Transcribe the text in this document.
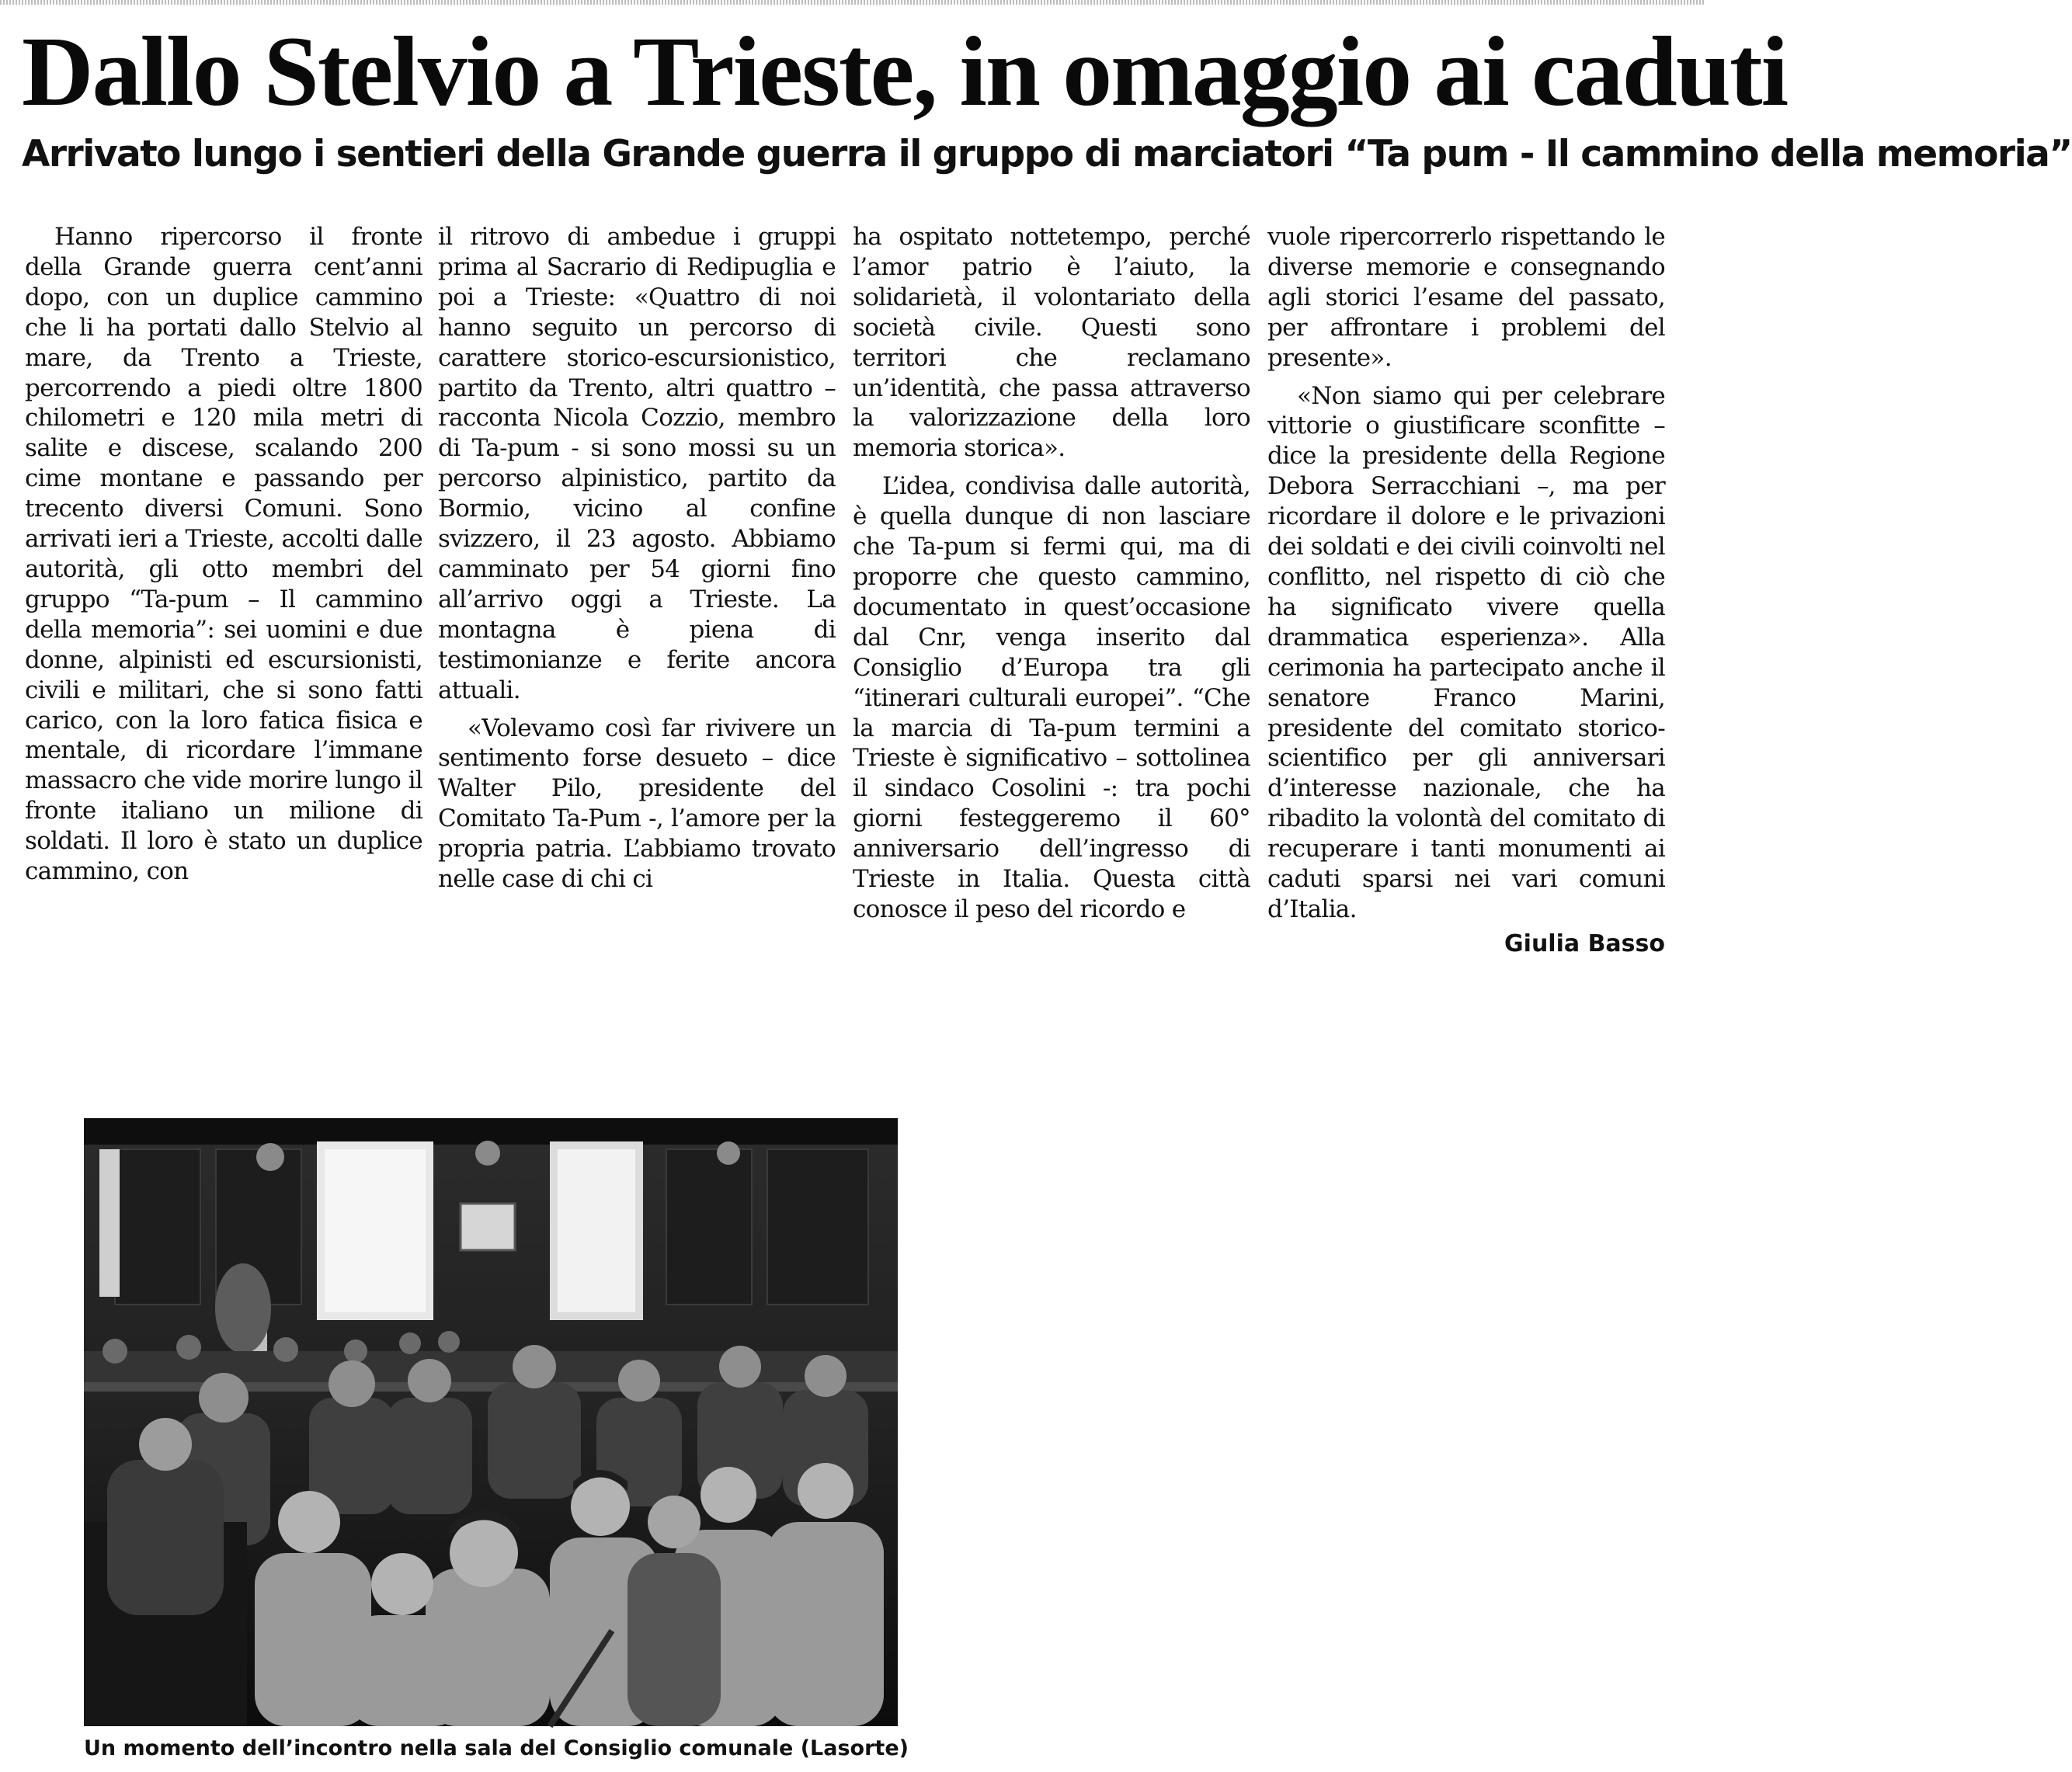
Dallo Stelvio a Trieste, in omaggio ai caduti
Arrivato lungo i sentieri della Grande guerra il gruppo di marciatori “Ta pum - Il cammino della memoria”

Hanno ripercorso il fronte della Grande guerra cent’anni dopo, con un duplice cammino che li ha portati dallo Stelvio al mare, da Trento a Trieste, percorrendo a piedi oltre 1800 chilometri e 120 mila metri di salite e discese, scalando 200 cime montane e passando per trecento diversi Comuni. Sono arrivati ieri a Trieste, accolti dalle autorità, gli otto membri del gruppo “Ta-pum – Il cammino della memoria”: sei uomini e due donne, alpinisti ed escursionisti, civili e militari, che si sono fatti carico, con la loro fatica fisica e mentale, di ricordare l’immane massacro che vide morire lungo il fronte italiano un milione di soldati. Il loro è stato un duplice cammino, con

il ritrovo di ambedue i gruppi prima al Sacrario di Redipuglia e poi a Trieste: «Quattro di noi hanno seguito un percorso di carattere storico-escursionistico, partito da Trento, altri quattro – racconta Nicola Cozzio, membro di Ta-pum - si sono mossi su un percorso alpinistico, partito da Bormio, vicino al confine svizzero, il 23 agosto. Abbiamo camminato per 54 giorni fino all’arrivo oggi a Trieste. La montagna è piena di testimonianze e ferite ancora attuali.

«Volevamo così far rivivere un sentimento forse desueto – dice Walter Pilo, presidente del Comitato Ta-Pum -, l’amore per la propria patria. L’abbiamo trovato nelle case di chi ci

ha ospitato nottetempo, perché l’amor patrio è l’aiuto, la solidarietà, il volontariato della società civile. Questi sono territori che reclamano un’identità, che passa attraverso la valorizzazione della loro memoria storica».

L’idea, condivisa dalle autorità, è quella dunque di non lasciare che Ta-pum si fermi qui, ma di proporre che questo cammino, documentato in quest’occasione dal Cnr, venga inserito dal Consiglio d’Europa tra gli “itinerari culturali europei”. “Che la marcia di Ta-pum termini a Trieste è significativo – sottolinea il sindaco Cosolini -: tra pochi giorni festeggeremo il 60° anniversario dell’ingresso di Trieste in Italia. Questa città conosce il peso del ricordo e

vuole ripercorrerlo rispettando le diverse memorie e consegnando agli storici l’esame del passato, per affrontare i problemi del presente».

«Non siamo qui per celebrare vittorie o giustificare sconfitte – dice la presidente della Regione Debora Serracchiani –, ma per ricordare il dolore e le privazioni dei soldati e dei civili coinvolti nel conflitto, nel rispetto di ciò che ha significato vivere quella drammatica esperienza». Alla cerimonia ha partecipato anche il senatore Franco Marini, presidente del comitato storico-scientifico per gli anniversari d’interesse nazionale, che ha ribadito la volontà del comitato di recuperare i tanti monumenti ai caduti sparsi nei vari comuni d’Italia.

Giulia Basso
Un momento dell’incontro nella sala del Consiglio comunale (Lasorte)
